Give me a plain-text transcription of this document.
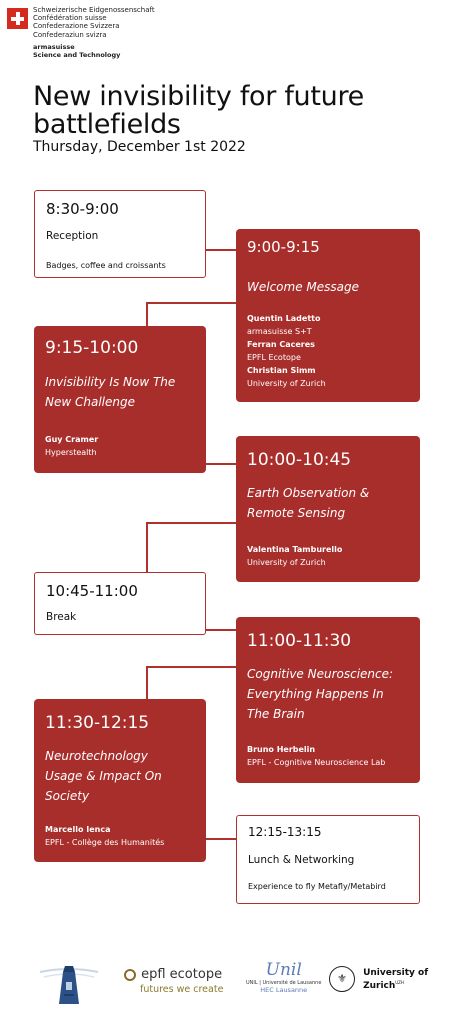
Schweizerische Eidgenossenschaft
Confédération suisse
Confederazione Svizzera
Confederaziun svizra
armasuisse
Science and Technology
New invisibility for future battlefields
Thursday, December 1st 2022
8:30-9:00
Reception
Badges, coffee and croissants
9:00-9:15
Welcome Message
Quentin Ladetto
armasuisse S+T
Ferran Caceres
EPFL Ecotope
Christian Simm
University of Zurich
9:15-10:00
Invisibility Is Now The
New Challenge
Guy Cramer
Hyperstealth	10:00-10:45
Earth Observation &
Remote Sensing
Valentina Tamburello
University of Zurich
10:45-11:00
Break
11:00-11:30
Cognitive Neuroscience:
Everything Happens In
The Brain
Bruno Herbelin
EPFL - Cognitive Neuroscience Lab
11:30-12:15
Neurotechnology
Usage & Impact On
Society
Marcello Ienca
EPFL - Collège des Humanités
12:15-13:15
Lunch & Networking
Experience to fly Metafly/Metabird
epfl ecotope
futures we create
Unil
UNIL | Université de Lausanne
HEC Lausanne
⚜ University of
Zurich$^{UZH}$
